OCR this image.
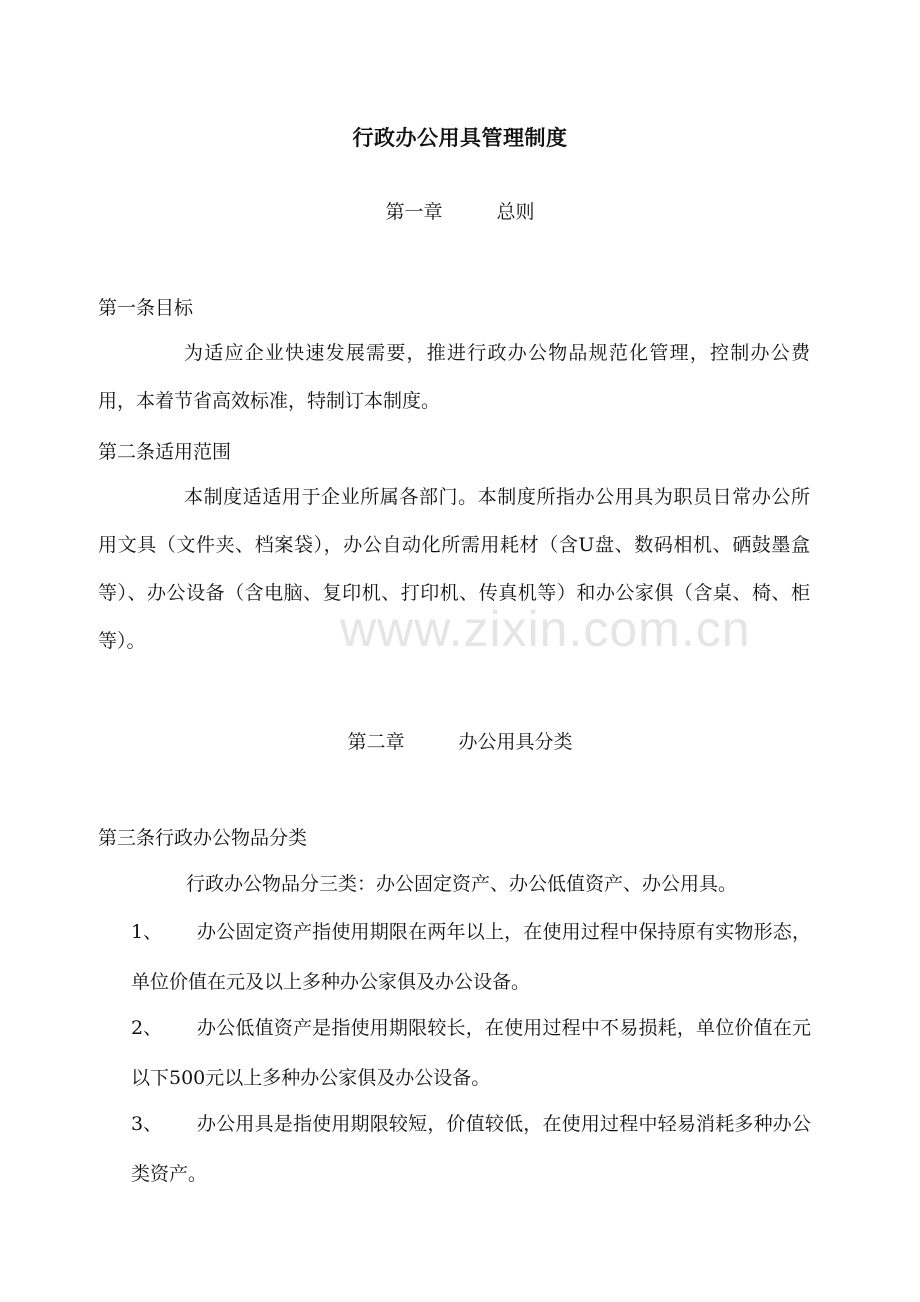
行政办公用具管理制度
第一章	总则
第一条目标
为适应企业快速发展需要，推进行政办公物品规范化管理，控制办公费用，本着节省高效标准，特制订本制度。
第二条适用范围
本制度适适用于企业所属各部门。本制度所指办公用具为职员日常办公所用文具（文件夹、档案袋），办公自动化所需用耗材（含U盘、数码相机、硒鼓墨盒等）、办公设备（含电脑、复印机、打印机、传真机等）和办公家俱（含桌、椅、柜等）。	www.zixin.com.cn
第二章	办公用具分类
第三条行政办公物品分类
行政办公物品分三类：办公固定资产、办公低值资产、办公用具。
1、	办公固定资产指使用期限在两年以上，在使用过程中保持原有实物形态，单位价值在元及以上多种办公家俱及办公设备。
2、	办公低值资产是指使用期限较长，在使用过程中不易损耗，单位价值在元以下500元以上多种办公家俱及办公设备。
3、	办公用具是指使用期限较短，价值较低，在使用过程中轻易消耗多种办公类资产。
